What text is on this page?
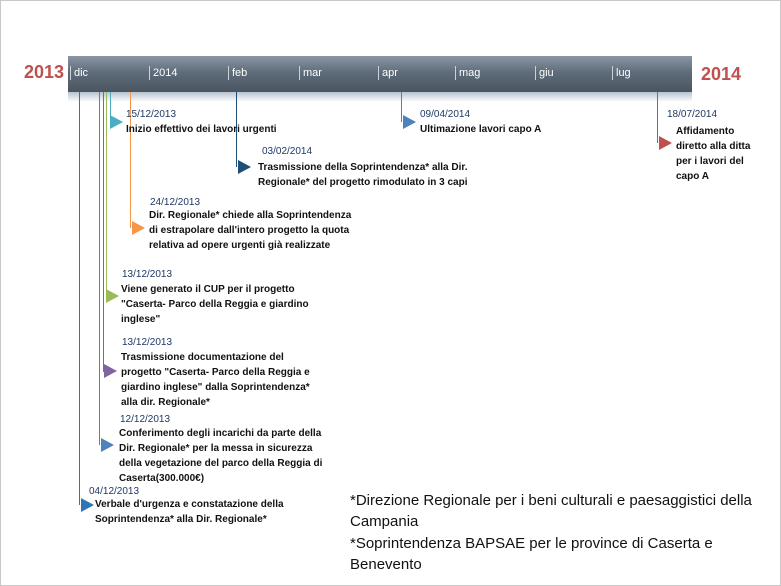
2013	2014
dic	2014	feb	mar	apr	mag	giu	lug
15/12/2013
Inizio effettivo dei lavori urgenti
09/04/2014
Ultimazione lavori capo A
18/07/2014
Affidamento diretto alla ditta per i lavori del capo A
03/02/2014
Trasmissione della Soprintendenza* alla Dir. Regionale* del progetto rimodulato in 3 capi
24/12/2013
Dir. Regionale* chiede alla Soprintendenza di estrapolare dall'intero progetto la quota relativa ad opere urgenti già realizzate
13/12/2013
Viene generato il CUP per il progetto "Caserta- Parco della Reggia e giardino inglese"
13/12/2013
Trasmissione documentazione del progetto "Caserta- Parco della Reggia e giardino inglese" dalla Soprintendenza* alla dir. Regionale*
12/12/2013
Conferimento degli incarichi da parte della Dir. Regionale* per la messa in sicurezza della vegetazione del parco della Reggia di Caserta(300.000€)
04/12/2013
Verbale d'urgenza e constatazione della Soprintendenza* alla Dir. Regionale*
*Direzione Regionale per i beni culturali e paesaggistici della Campania
*Soprintendenza BAPSAE per le province di Caserta e Benevento
